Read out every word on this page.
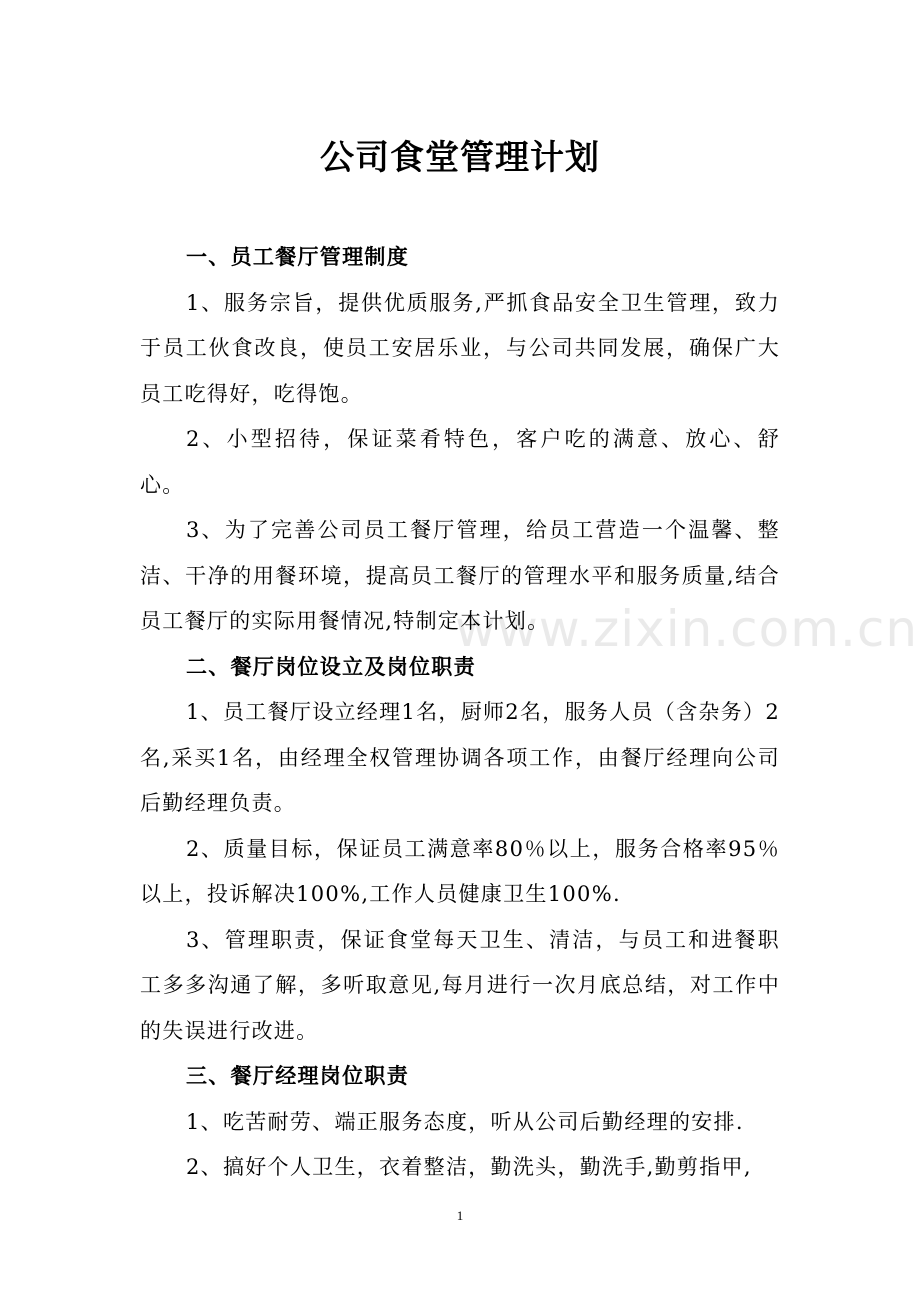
公司食堂管理计划
www.zixin.com.cn

一、员工餐厅管理制度

1、服务宗旨，提供优质服务,严抓食品安全卫生管理，致力于员工伙食改良，使员工安居乐业，与公司共同发展，确保广大员工吃得好，吃得饱。

2、小型招待，保证菜肴特色，客户吃的满意、放心、舒心。

3、为了完善公司员工餐厅管理，给员工营造一个温馨、整洁、干净的用餐环境，提高员工餐厅的管理水平和服务质量,结合员工餐厅的实际用餐情况,特制定本计划。

二、餐厅岗位设立及岗位职责

1、员工餐厅设立经理1名，厨师2名，服务人员（含杂务）2名,采买1名，由经理全权管理协调各项工作，由餐厅经理向公司后勤经理负责。

2、质量目标，保证员工满意率80％以上，服务合格率95％以上，投诉解决100%,工作人员健康卫生100%.

3、管理职责，保证食堂每天卫生、清洁，与员工和进餐职工多多沟通了解，多听取意见,每月进行一次月底总结，对工作中的失误进行改进。

三、餐厅经理岗位职责

1、吃苦耐劳、端正服务态度，听从公司后勤经理的安排.

2、搞好个人卫生，衣着整洁，勤洗头，勤洗手,勤剪指甲,

1
